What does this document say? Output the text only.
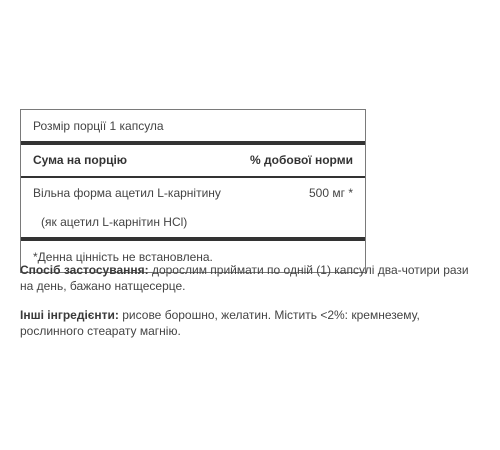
Розмір порції 1 капсула
Сума на порцію	% добової норми
Вільна форма ацетил L-карнітину	500 мг *
(як ацетил L-карнітин HCl)
*Денна цінність не встановлена.
Спосіб застосування: дорослим приймати по одній (1) капсулі два-чотири рази на день, бажано натщесерце.
Інші інгредієнти: рисове борошно, желатин. Містить <2%: кремнезему, рослинного стеарату магнію.
